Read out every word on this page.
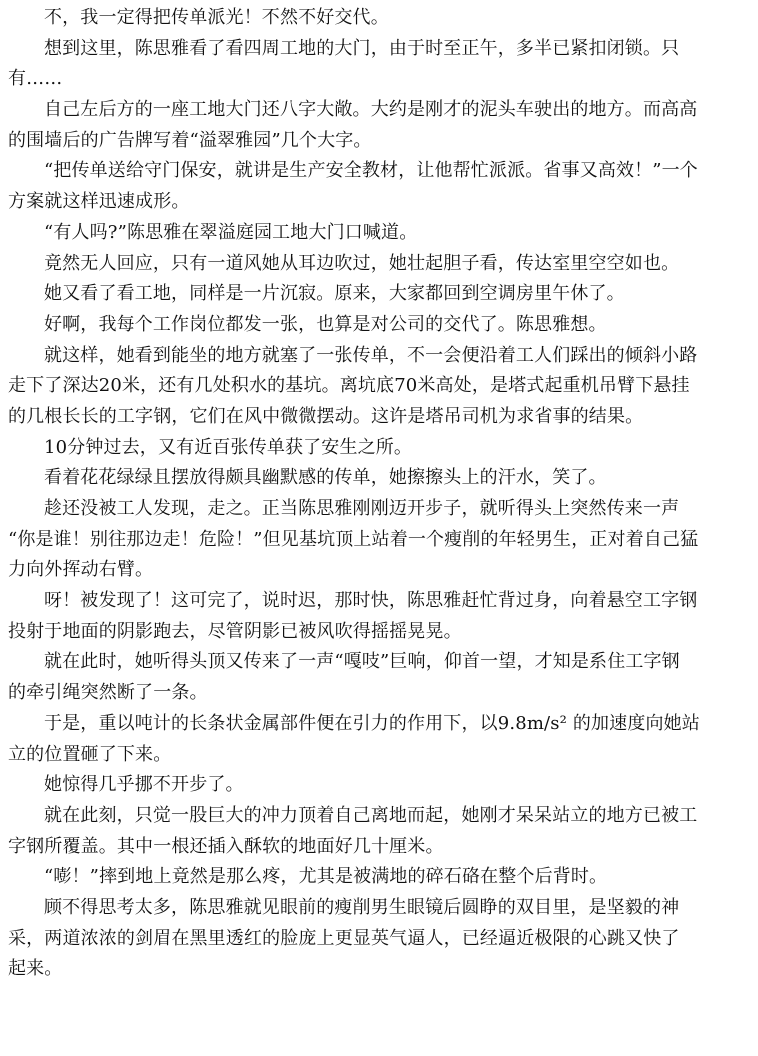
不，我一定得把传单派光！不然不好交代。
想到这里，陈思雅看了看四周工地的大门，由于时至正午，多半已紧扣闭锁。只
有……
自己左后方的一座工地大门还八字大敞。大约是刚才的泥头车驶出的地方。而高高
的围墙后的广告牌写着“溢翠雅园”几个大字。
“把传单送给守门保安，就讲是生产安全教材，让他帮忙派派。省事又高效！”一个
方案就这样迅速成形。
“有人吗?”陈思雅在翠溢庭园工地大门口喊道。
竟然无人回应，只有一道风她从耳边吹过，她壮起胆子看，传达室里空空如也。
她又看了看工地，同样是一片沉寂。原来，大家都回到空调房里午休了。
好啊，我每个工作岗位都发一张，也算是对公司的交代了。陈思雅想。
就这样，她看到能坐的地方就塞了一张传单，不一会便沿着工人们踩出的倾斜小路
走下了深达20米，还有几处积水的基坑。离坑底70米高处，是塔式起重机吊臂下悬挂
的几根长长的工字钢，它们在风中微微摆动。这许是塔吊司机为求省事的结果。
10分钟过去，又有近百张传单获了安生之所。
看着花花绿绿且摆放得颇具幽默感的传单，她擦擦头上的汗水，笑了。
趁还没被工人发现，走之。正当陈思雅刚刚迈开步子，就听得头上突然传来一声
“你是谁！别往那边走！危险！”但见基坑顶上站着一个瘦削的年轻男生，正对着自己猛
力向外挥动右臂。
呀！被发现了！这可完了，说时迟，那时快，陈思雅赶忙背过身，向着悬空工字钢
投射于地面的阴影跑去，尽管阴影已被风吹得摇摇晃晃。
就在此时，她听得头顶又传来了一声“嘎吱”巨响，仰首一望，才知是系住工字钢
的牵引绳突然断了一条。
于是，重以吨计的长条状金属部件便在引力的作用下，以9.8m/s² 的加速度向她站
立的位置砸了下来。
她惊得几乎挪不开步了。
就在此刻，只觉一股巨大的冲力顶着自己离地而起，她刚才呆呆站立的地方已被工
字钢所覆盖。其中一根还插入酥软的地面好几十厘米。
“嘭！”摔到地上竟然是那么疼，尤其是被满地的碎石硌在整个后背时。
顾不得思考太多，陈思雅就见眼前的瘦削男生眼镜后圆睁的双目里，是坚毅的神
采，两道浓浓的剑眉在黑里透红的脸庞上更显英气逼人，已经逼近极限的心跳又快了
起来。
